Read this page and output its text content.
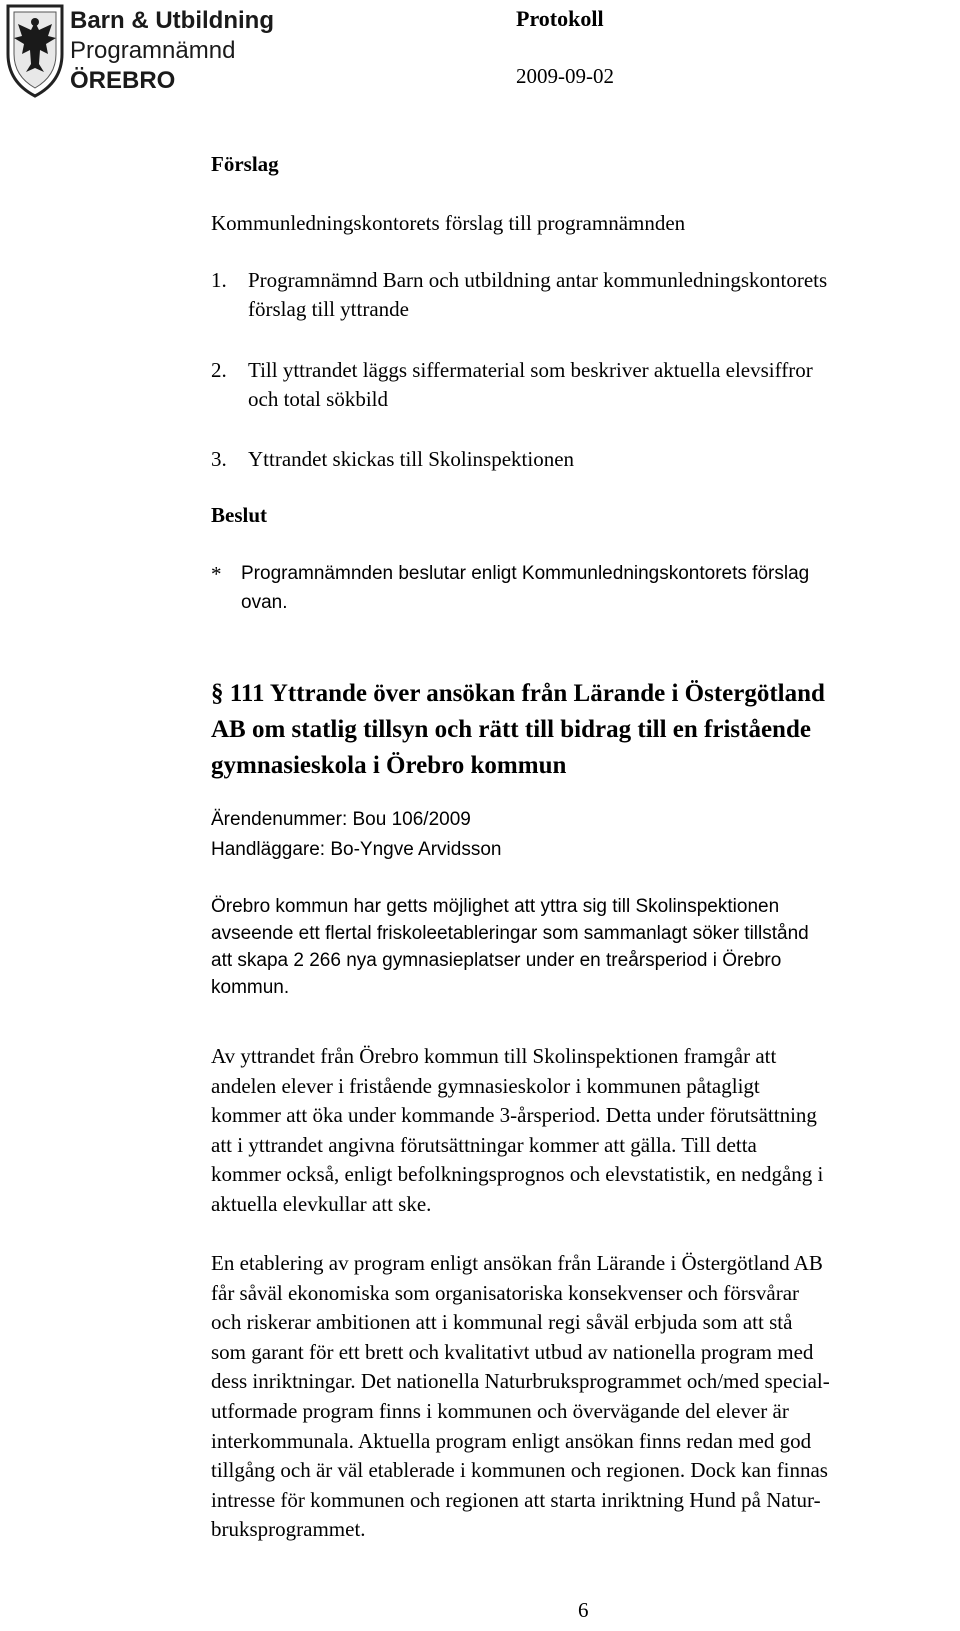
Barn & Utbildning
Programnämnd
ÖREBRO
Protokoll
2009-09-02
Förslag
Kommunledningskontorets förslag till programnämnden
1.	Programnämnd Barn och utbildning antar kommunledningskontorets
förslag till yttrande
2.	Till yttrandet läggs siffermaterial som beskriver aktuella elevsiffror
och total sökbild
3.	Yttrandet skickas till Skolinspektionen
Beslut
* Programnämnden beslutar enligt Kommunledningskontorets förslag
ovan.
§ 111 Yttrande över ansökan från Lärande i Östergötland
AB om statlig tillsyn och rätt till bidrag till en fristående
gymnasieskola i Örebro kommun
Ärendenummer: Bou 106/2009
Handläggare: Bo-Yngve Arvidsson
Örebro kommun har getts möjlighet att yttra sig till Skolinspektionen
avseende ett flertal friskoleetableringar som sammanlagt söker tillstånd
att skapa 2 266 nya gymnasieplatser under en treårsperiod i Örebro
kommun.
Av yttrandet från Örebro kommun till Skolinspektionen framgår att
andelen elever i fristående gymnasieskolor i kommunen påtagligt
kommer att öka under kommande 3-årsperiod. Detta under förutsättning
att i yttrandet angivna förutsättningar kommer att gälla. Till detta
kommer också, enligt befolkningsprognos och elevstatistik, en nedgång i
aktuella elevkullar att ske.
En etablering av program enligt ansökan från Lärande i Östergötland AB
får såväl ekonomiska som organisatoriska konsekvenser och försvårar
och riskerar ambitionen att i kommunal regi såväl erbjuda som att stå
som garant för ett brett och kvalitativt utbud av nationella program med
dess inriktningar. Det nationella Naturbruksprogrammet och/med special-
utformade program finns i kommunen och övervägande del elever är
interkommunala. Aktuella program enligt ansökan finns redan med god
tillgång och är väl etablerade i kommunen och regionen. Dock kan finnas
intresse för kommunen och regionen att starta inriktning Hund på Natur-
bruksprogrammet.
6
